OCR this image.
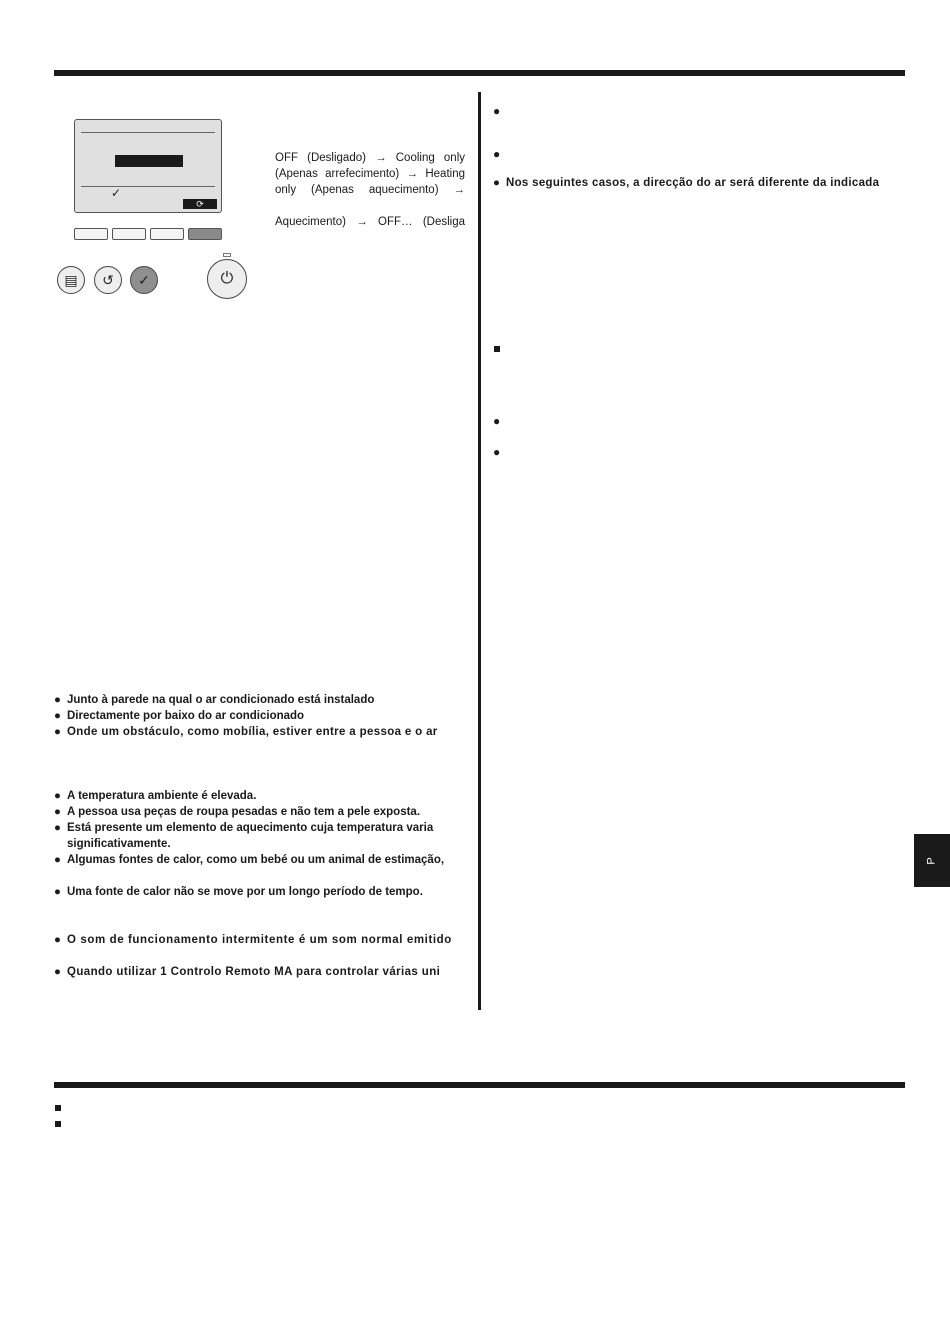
✓
⟳
▤	↺	✓	⏻

OFF (Desligado) → Cooling only

(Apenas arrefecimento) → Heating

only (Apenas aquecimento) →

Aquecimento) → OFF… (Desliga

● Junto à parede na qual o ar condicionado está instalado
● Directamente por baixo do ar condicionado
● Onde um obstáculo, como mobília, estiver entre a pessoa e o ar
● A temperatura ambiente é elevada.
● A pessoa usa peças de roupa pesadas e não tem a pele exposta.
● Está presente um elemento de aquecimento cuja temperatura varia
significativamente.
● Algumas fontes de calor, como um bebé ou um animal de estimação,
● Uma fonte de calor não se move por um longo período de tempo.
● O som de funcionamento intermitente é um som normal emitido
● Quando utilizar 1 Controlo Remoto MA para controlar várias uni
●
●
● Nos seguintes casos, a direcção do ar será diferente da indicada
●
●
P
